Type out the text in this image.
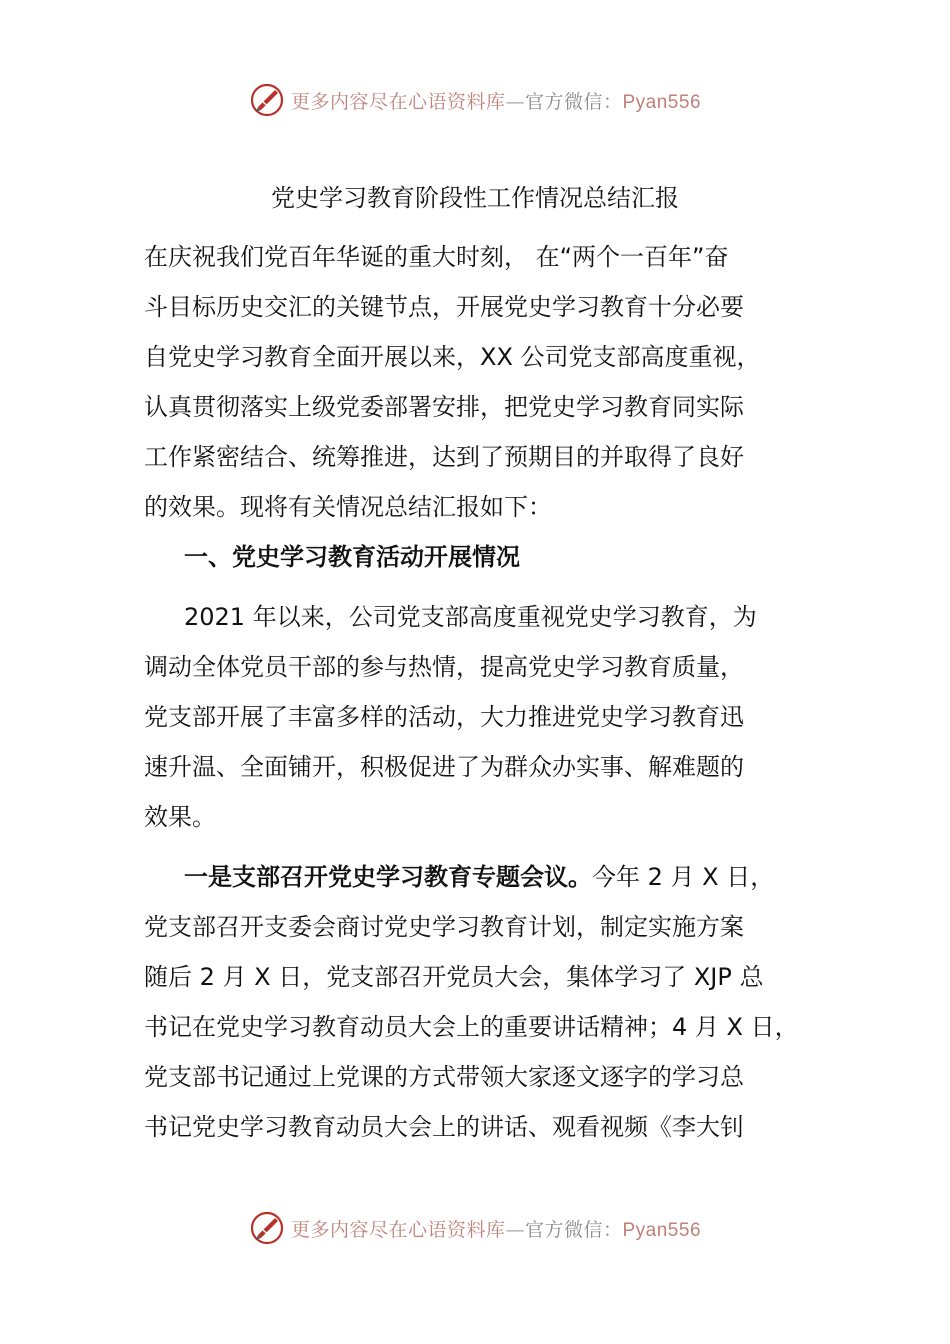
更多内容尽在心语资料库—官方微信：Pyan556
党史学习教育阶段性工作情况总结汇报
在庆祝我们党百年华诞的重大时刻， 在“两个一百年”奋
斗目标历史交汇的关键节点，开展党史学习教育十分必要
自党史学习教育全面开展以来，XX 公司党支部高度重视，
认真贯彻落实上级党委部署安排，把党史学习教育同实际
工作紧密结合、统筹推进，达到了预期目的并取得了良好
的效果。现将有关情况总结汇报如下：
一、党史学习教育活动开展情况
2021 年以来，公司党支部高度重视党史学习教育，为
调动全体党员干部的参与热情，提高党史学习教育质量，
党支部开展了丰富多样的活动，大力推进党史学习教育迅
速升温、全面铺开，积极促进了为群众办实事、解难题的
效果。
一是支部召开党史学习教育专题会议。今年 2 月 X 日，
党支部召开支委会商讨党史学习教育计划，制定实施方案
随后 2 月 X 日，党支部召开党员大会，集体学习了 XJP 总
书记在党史学习教育动员大会上的重要讲话精神；4 月 X 日，
党支部书记通过上党课的方式带领大家逐文逐字的学习总
书记党史学习教育动员大会上的讲话、观看视频《李大钊
更多内容尽在心语资料库—官方微信：Pyan556
